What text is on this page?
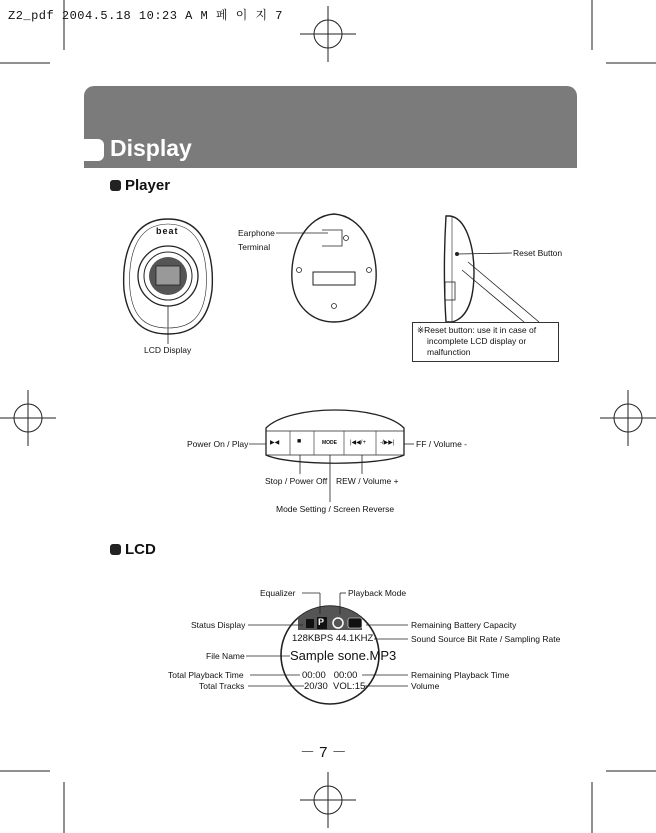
Z2_pdf 2004.5.18 10:23 A M 페 이 지 7
Display
Player
beat	Earphone
Terminal
LCD Display
Reset Button
※Reset button: use it in case of
incomplete LCD display or
malfunction
▶◀	■	MODE |◀◀/+ -/▶▶|
Power On / Play	FF / Volume -
Stop / Power Off REW / Volume +
Mode Setting / Screen Reverse
LCD
P
128KBPS 44.1KHZ
Sample sone.MP3
00:00   00:00
20/30  VOL:15
Equalizer	Playback Mode
Status Display	Remaining Battery Capacity
Sound Source Bit Rate / Sampling Rate
File Name
Total Playback Time	Remaining Playback Time
Total Tracks	Volume
－ 7 －
